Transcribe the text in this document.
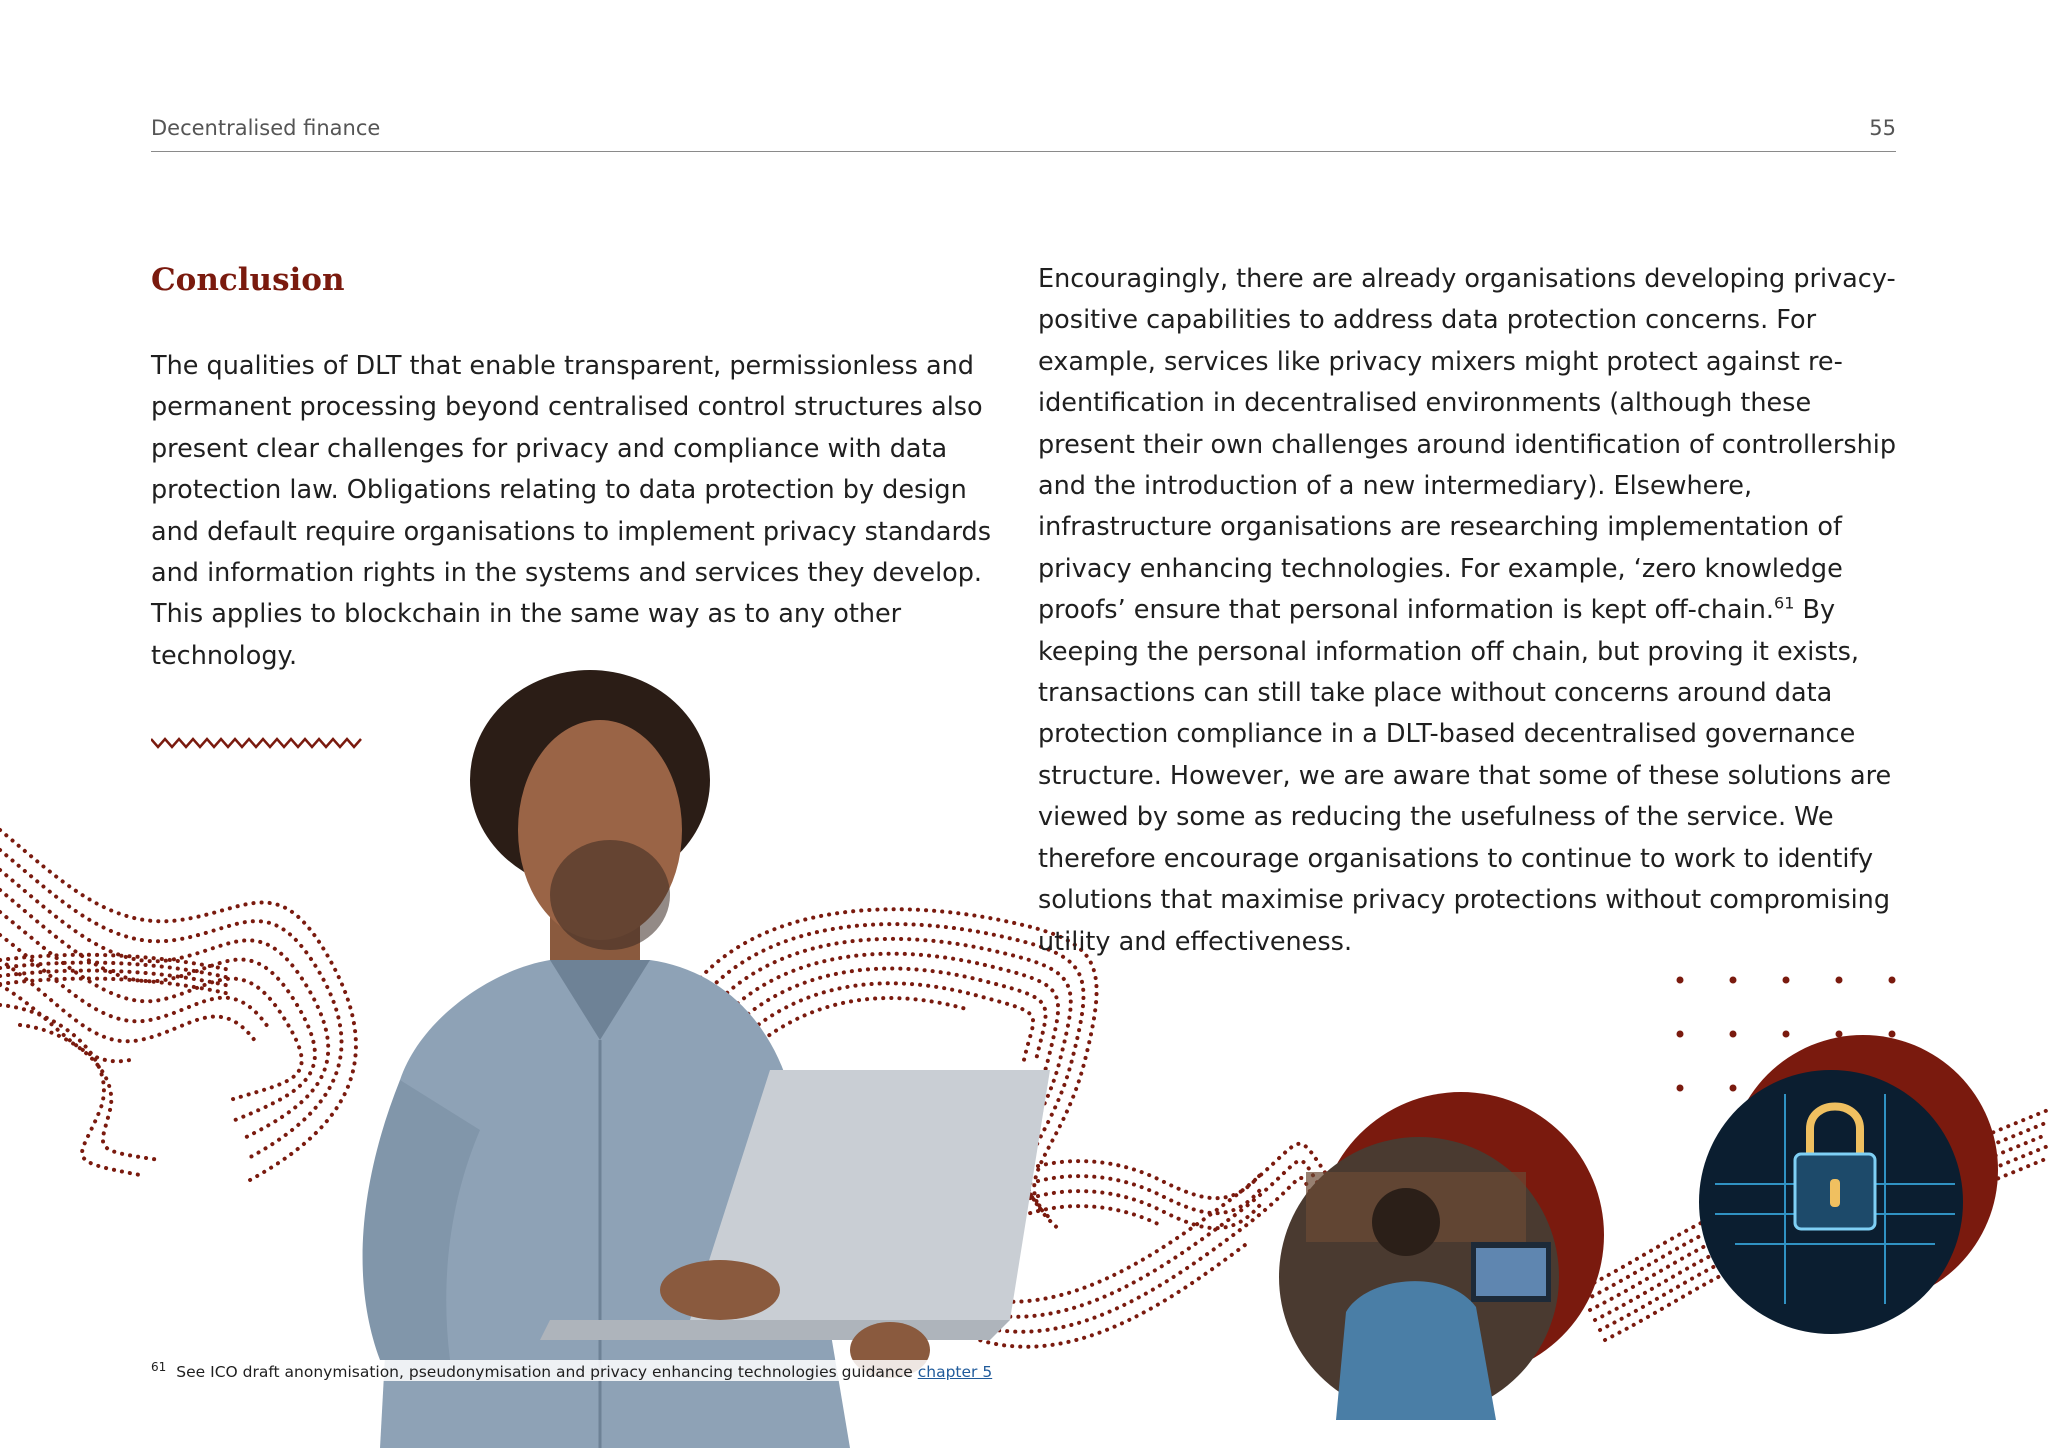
Decentralised finance	55
Conclusion

The qualities of DLT that enable transparent, permissionless and permanent processing beyond centralised control structures also present clear challenges for privacy and compliance with data protection law. Obligations relating to data protection by design and default require organisations to implement privacy standards and information rights in the systems and services they develop. This applies to blockchain in the same way as to any other technology.

Encouragingly, there are already organisations developing privacy-positive capabilities to address data protection concerns. For example, services like privacy mixers might protect against re-identification in decentralised environments (although these present their own challenges around identification of controllership and the introduction of a new intermediary). Elsewhere, infrastructure organisations are researching implementation of privacy enhancing technologies. For example, ‘zero knowledge proofs’ ensure that personal information is kept off-chain.$^{61}$ By keeping the personal information off chain, but proving it exists, transactions can still take place without concerns around data protection compliance in a DLT-based decentralised governance structure. However, we are aware that some of these solutions are viewed by some as reducing the usefulness of the service. We therefore encourage organisations to continue to work to identify solutions that maximise privacy protections without compromising utility and effectiveness.

$^{61}$ See ICO draft anonymisation, pseudonymisation and privacy enhancing technologies guidance chapter 5
